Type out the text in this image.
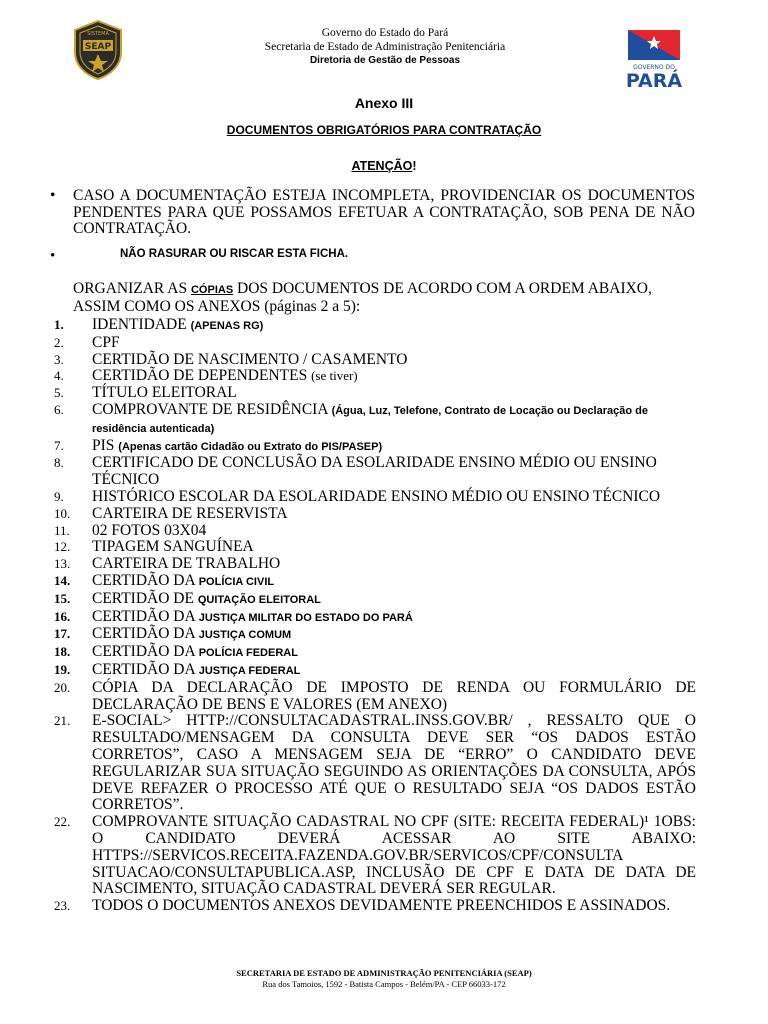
SISTEMA
SEAP
Governo do Estado do Pará
Secretaria de Estado de Administração Penitenciária
Diretoria de Gestão de Pessoas
GOVERNO DO
PARÁ
Anexo III
DOCUMENTOS OBRIGATÓRIOS PARA CONTRATAÇÃO
ATENÇÃO!
• CASO A DOCUMENTAÇÃO ESTEJA INCOMPLETA, PROVIDENCIAR OS DOCUMENTOS PENDENTES PARA QUE POSSAMOS EFETUAR A CONTRATAÇÃO, SOB PENA DE NÃO CONTRATAÇÃO.
•	NÃO RASURAR OU RISCAR ESTA FICHA.
ORGANIZAR AS CÓPIAS DOS DOCUMENTOS DE ACORDO COM A ORDEM ABAIXO, ASSIM COMO OS ANEXOS (páginas 2 a 5):
1.	IDENTIDADE (APENAS RG)
2.	CPF
3.	CERTIDÃO DE NASCIMENTO / CASAMENTO
4.	CERTIDÃO DE DEPENDENTES (se tiver)
5.	TÍTULO ELEITORAL
6.	COMPROVANTE DE RESIDÊNCIA (Água, Luz, Telefone, Contrato de Locação ou Declaração de residência autenticada)
7.	PIS (Apenas cartão Cidadão ou Extrato do PIS/PASEP)
8.	CERTIFICADO DE CONCLUSÃO DA ESOLARIDADE ENSINO MÉDIO OU ENSINO TÉCNICO
9.	HISTÓRICO ESCOLAR DA ESOLARIDADE ENSINO MÉDIO OU ENSINO TÉCNICO
10.	CARTEIRA DE RESERVISTA
11.	02 FOTOS 03X04
12.	TIPAGEM SANGUÍNEA
13.	CARTEIRA DE TRABALHO
14.	CERTIDÃO DA POLÍCIA CIVIL
15.	CERTIDÃO DE QUITAÇÃO ELEITORAL
16.	CERTIDÃO DA JUSTIÇA MILITAR DO ESTADO DO PARÁ
17.	CERTIDÃO DA JUSTIÇA COMUM
18.	CERTIDÃO DA POLÍCIA FEDERAL
19.	CERTIDÃO DA JUSTIÇA FEDERAL
20.	CÓPIA DA DECLARAÇÃO DE IMPOSTO DE RENDA OU FORMULÁRIO DE DECLARAÇÃO DE BENS E VALORES (EM ANEXO)
21.	E-SOCIAL> HTTP://CONSULTACADASTRAL.INSS.GOV.BR/ , RESSALTO QUE O RESULTADO/MENSAGEM DA CONSULTA DEVE SER “OS DADOS ESTÃO CORRETOS”, CASO A MENSAGEM SEJA DE “ERRO” O CANDIDATO DEVE REGULARIZAR SUA SITUAÇÃO SEGUINDO AS ORIENTAÇÕES DA CONSULTA, APÓS DEVE REFAZER O PROCESSO ATÉ QUE O RESULTADO SEJA “OS DADOS ESTÃO CORRETOS”.
22.	COMPROVANTE SITUAÇÃO CADASTRAL NO CPF (SITE: RECEITA FEDERAL)¹ 1OBS: O CANDIDATO DEVERÁ ACESSAR AO SITE ABAIXO: HTTPS://SERVICOS.RECEITA.FAZENDA.GOV.BR/SERVICOS/CPF/CONSULTA SITUACAO/CONSULTAPUBLICA.ASP, INCLUSÃO DE CPF E DATA DE DATA DE NASCIMENTO, SITUAÇÃO CADASTRAL DEVERÁ SER REGULAR.
23.	TODOS O DOCUMENTOS ANEXOS DEVIDAMENTE PREENCHIDOS E ASSINADOS.
SECRETARIA DE ESTADO DE ADMINISTRAÇÃO PENITENCIÁRIA (SEAP)
Rua dos Tamoios, 1592 - Batista Campos - Belém/PA - CEP 66033-172
